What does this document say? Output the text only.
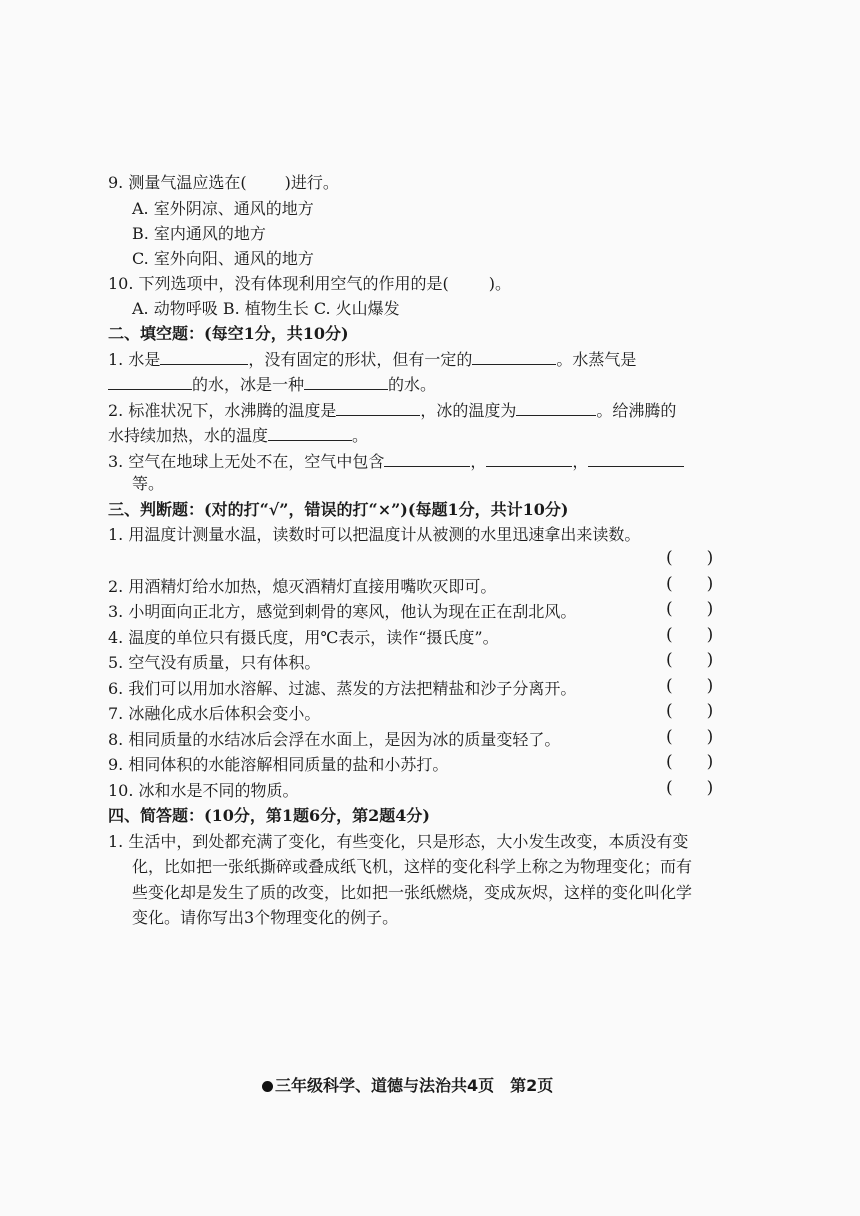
9. 测量气温应选在( )进行。
A. 室外阴凉、通风的地方
B. 室内通风的地方
C. 室外向阳、通风的地方
10. 下列选项中，没有体现利用空气的作用的是(	)。
A. 动物呼吸 B. 植物生长 C. 火山爆发
二、填空题：(每空1分，共10分)
1. 水是	，没有固定的形状，但有一定的	。水蒸气是
的水，冰是一种	的水。
2. 标准状况下，水沸腾的温度是	，冰的温度为	。给沸腾的
水持续加热，水的温度	。
3. 空气在地球上无处不在，空气中包含	，	，
等。
三、判断题：(对的打“√”，错误的打“×”)(每题1分，共计10分)
1. 用温度计测量水温，读数时可以把温度计从被测的水里迅速拿出来读数。
( )
2. 用酒精灯给水加热，熄灭酒精灯直接用嘴吹灭即可。	( )
3. 小明面向正北方，感觉到刺骨的寒风，他认为现在正在刮北风。	( )
4. 温度的单位只有摄氏度，用℃表示，读作“摄氏度”。	( )
5. 空气没有质量，只有体积。	( )
6. 我们可以用加水溶解、过滤、蒸发的方法把精盐和沙子分离开。	( )
7. 冰融化成水后体积会变小。	( )
8. 相同质量的水结冰后会浮在水面上，是因为冰的质量变轻了。	( )
9. 相同体积的水能溶解相同质量的盐和小苏打。	( )
10. 冰和水是不同的物质。	( )
四、简答题：(10分，第1题6分，第2题4分)
1. 生活中，到处都充满了变化，有些变化，只是形态，大小发生改变，本质没有变
化，比如把一张纸撕碎或叠成纸飞机，这样的变化科学上称之为物理变化；而有
些变化却是发生了质的改变，比如把一张纸燃烧，变成灰烬，这样的变化叫化学
变化。请你写出3个物理变化的例子。
三年级科学、道德与法治共4页　第2页
